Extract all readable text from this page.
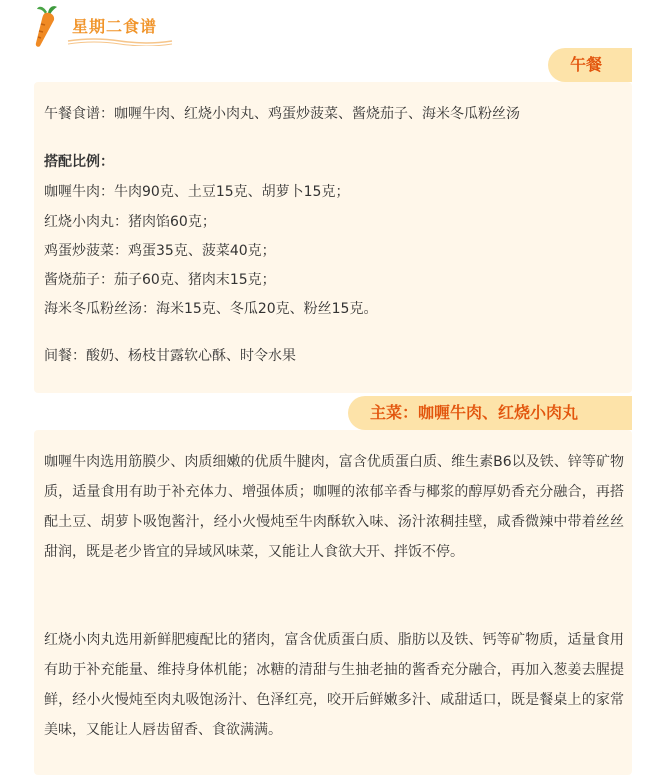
星期二食谱
午餐
午餐食谱：咖喱牛肉、红烧小肉丸、鸡蛋炒菠菜、酱烧茄子、海米冬瓜粉丝汤
搭配比例：
咖喱牛肉：牛肉90克、土豆15克、胡萝卜15克；
红烧小肉丸：猪肉馅60克；
鸡蛋炒菠菜：鸡蛋35克、菠菜40克；
酱烧茄子：茄子60克、猪肉末15克；
海米冬瓜粉丝汤：海米15克、冬瓜20克、粉丝15克。
间餐：酸奶、杨枝甘露软心酥、时令水果
主菜：咖喱牛肉、红烧小肉丸
咖喱牛肉选用筋膜少、肉质细嫩的优质牛腱肉，富含优质蛋白质、维生素B6以及铁、锌等矿物质，适量食用有助于补充体力、增强体质；咖喱的浓郁辛香与椰浆的醇厚奶香充分融合，再搭配土豆、胡萝卜吸饱酱汁，经小火慢炖至牛肉酥软入味、汤汁浓稠挂壁，咸香微辣中带着丝丝甜润，既是老少皆宜的异域风味菜，又能让人食欲大开、拌饭不停。
红烧小肉丸选用新鲜肥瘦配比的猪肉，富含优质蛋白质、脂肪以及铁、钙等矿物质，适量食用有助于补充能量、维持身体机能；冰糖的清甜与生抽老抽的酱香充分融合，再加入葱姜去腥提鲜，经小火慢炖至肉丸吸饱汤汁、色泽红亮，咬开后鲜嫩多汁、咸甜适口，既是餐桌上的家常美味，又能让人唇齿留香、食欲满满。
